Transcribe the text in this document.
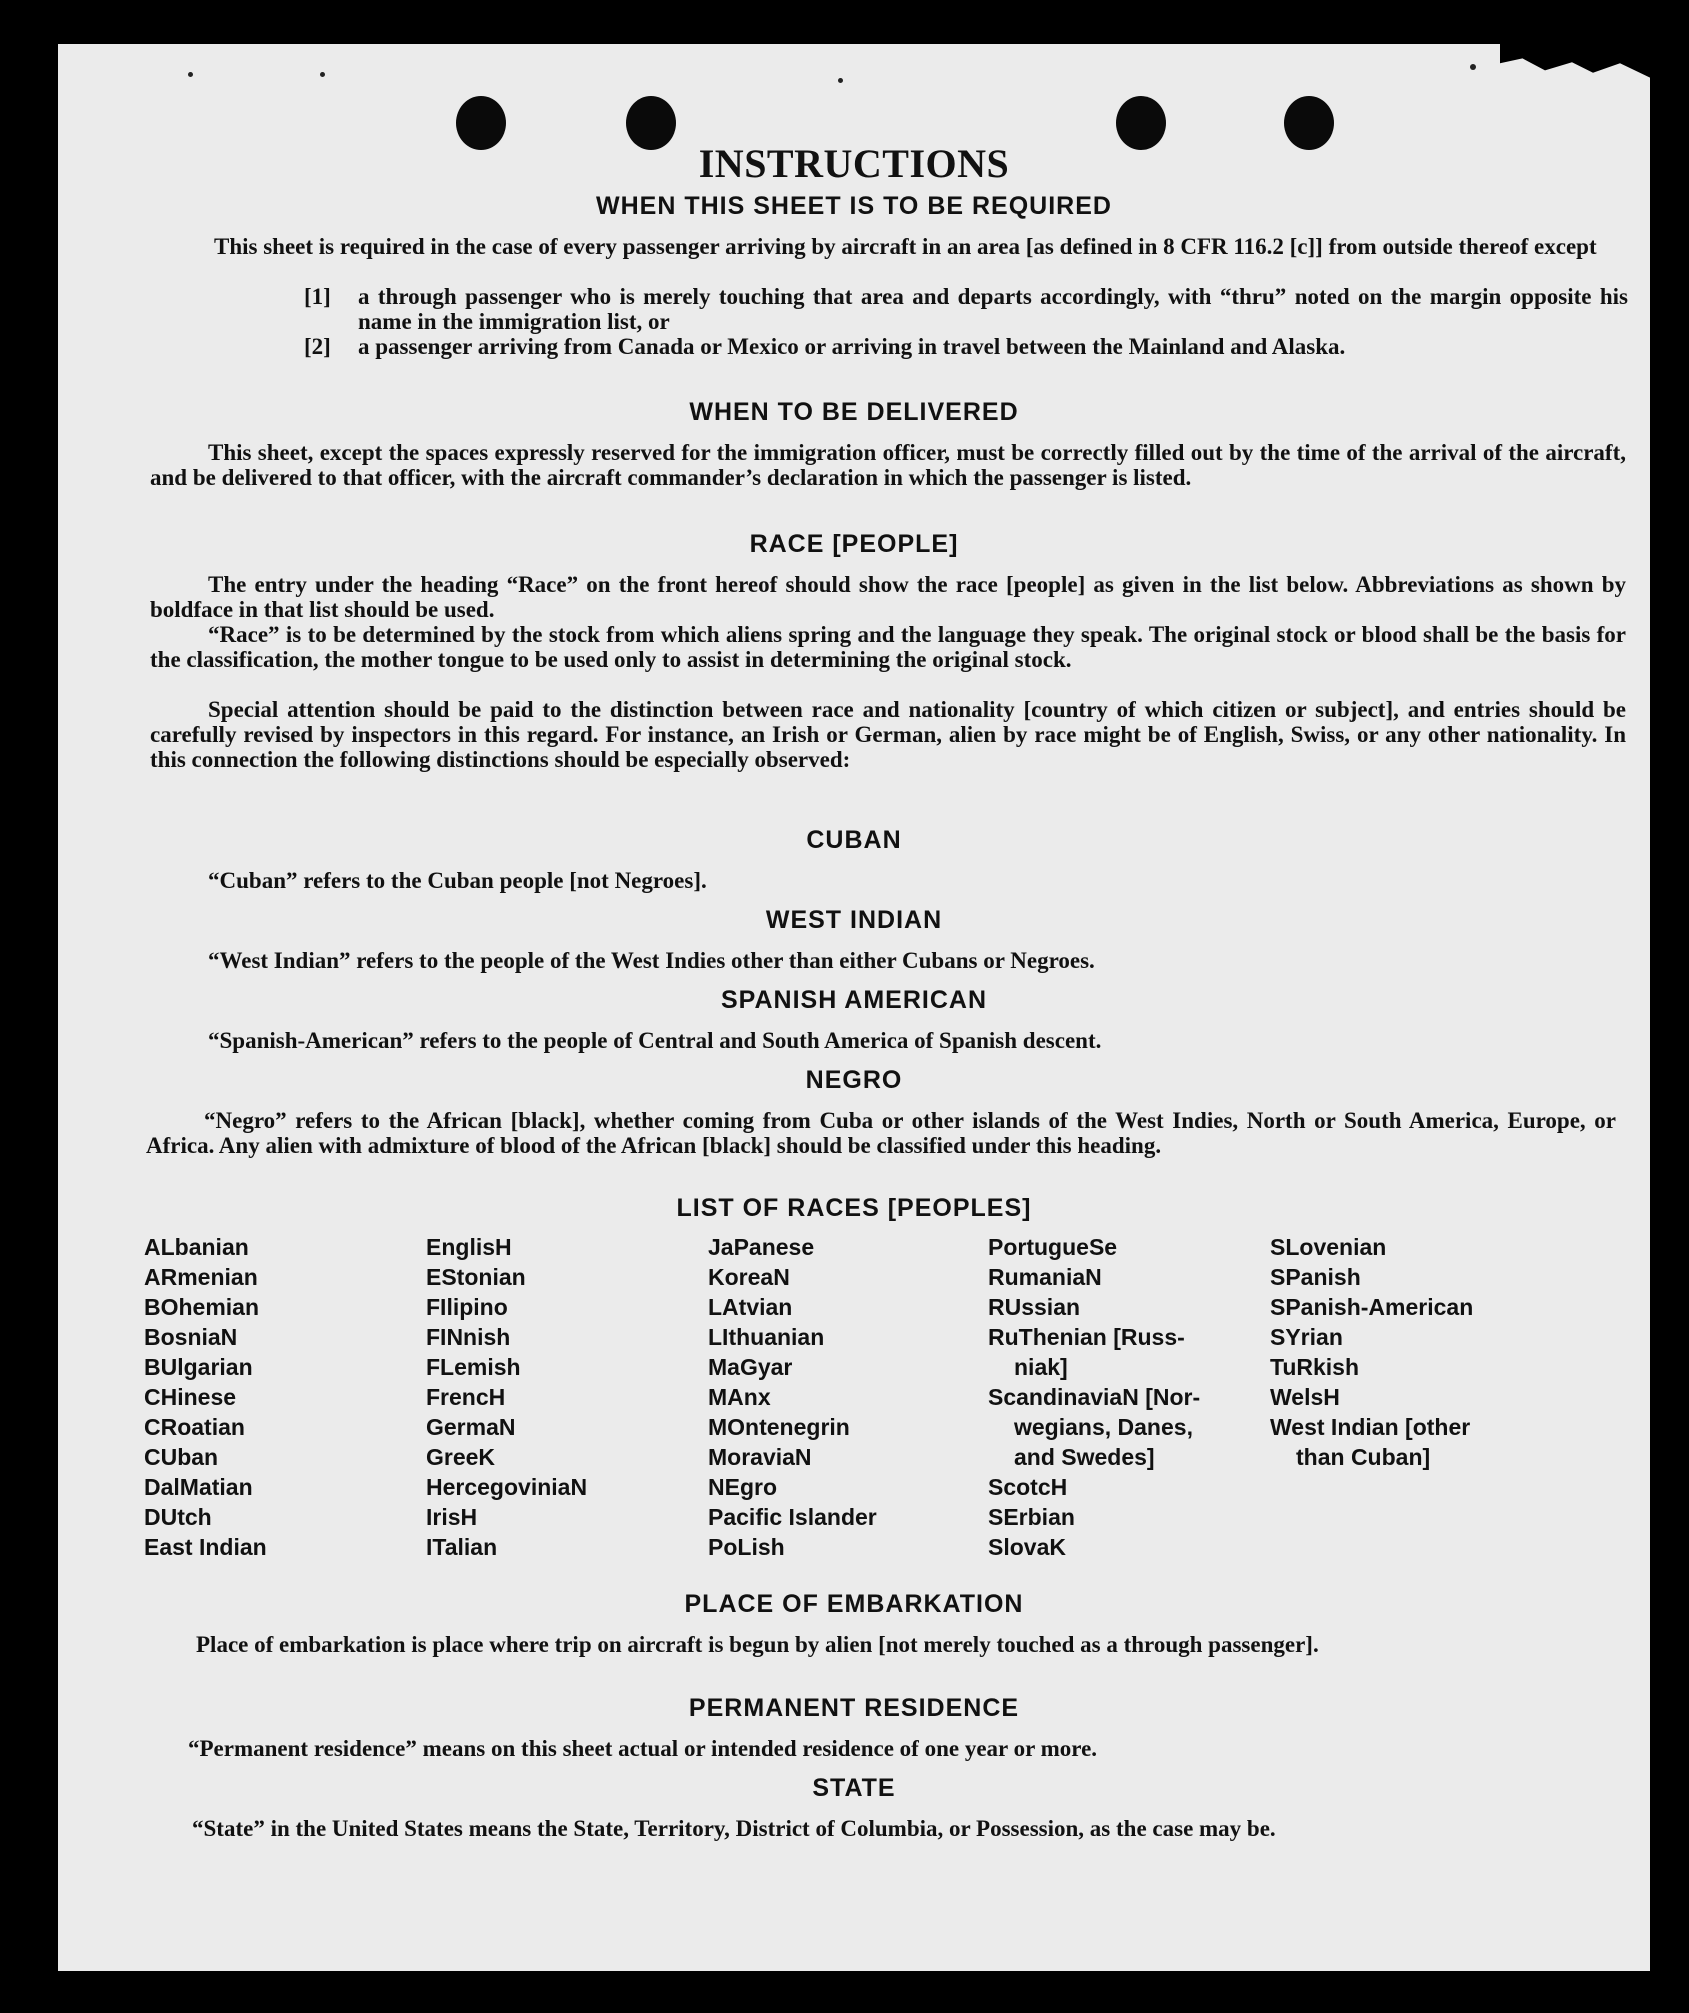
INSTRUCTIONS
WHEN THIS SHEET IS TO BE REQUIRED
This sheet is required in the case of every passenger arriving by aircraft in an area [as defined in 8 CFR 116.2 [c]] from outside thereof except
[1] a through passenger who is merely touching that area and departs accordingly, with “thru” noted on the margin opposite his name in the immigration list, or
[2] a passenger arriving from Canada or Mexico or arriving in travel between the Mainland and Alaska.
WHEN TO BE DELIVERED
This sheet, except the spaces expressly reserved for the immigration officer, must be correctly filled out by the time of the arrival of the aircraft, and be delivered to that officer, with the aircraft commander’s declaration in which the passenger is listed.
RACE [PEOPLE]
The entry under the heading “Race” on the front hereof should show the race [people] as given in the list below. Abbreviations as shown by boldface in that list should be used.
“Race” is to be determined by the stock from which aliens spring and the language they speak. The original stock or blood shall be the basis for the classification, the mother tongue to be used only to assist in determining the original stock.
Special attention should be paid to the distinction between race and nationality [country of which citizen or subject], and entries should be carefully revised by inspectors in this regard. For instance, an Irish or German, alien by race might be of English, Swiss, or any other nationality. In this connection the following distinctions should be especially observed:
CUBAN
“Cuban” refers to the Cuban people [not Negroes].
WEST INDIAN
“West Indian” refers to the people of the West Indies other than either Cubans or Negroes.
SPANISH AMERICAN
“Spanish-American” refers to the people of Central and South America of Spanish descent.
NEGRO
“Negro” refers to the African [black], whether coming from Cuba or other islands of the West Indies, North or South America, Europe, or Africa. Any alien with admixture of blood of the African [black] should be classified under this heading.
LIST OF RACES [PEOPLES]
ALbanian
ARmenian
BOhemian
BosniaN
BUlgarian
CHinese
CRoatian
CUban
DalMatian
DUtch
East Indian
EnglisH
EStonian
FIlipino
FINnish
FLemish
FrencH
GermaN
GreeK
HercegoviniaN
IrisH
ITalian
JaPanese
KoreaN
LAtvian
LIthuanian
MaGyar
MAnx
MOntenegrin
MoraviaN
NEgro
Pacific Islander
PoLish
PortugueSe
RumaniaN
RUssian
RuThenian [Russ-
niak]
ScandinaviaN [Nor-
wegians, Danes,
and Swedes]
ScotcH
SErbian
SlovaK
SLovenian
SPanish
SPanish-American
SYrian
TuRkish
WelsH
West Indian [other
than Cuban]
PLACE OF EMBARKATION
Place of embarkation is place where trip on aircraft is begun by alien [not merely touched as a through passenger].
PERMANENT RESIDENCE
“Permanent residence” means on this sheet actual or intended residence of one year or more.
STATE
“State” in the United States means the State, Territory, District of Columbia, or Possession, as the case may be.
